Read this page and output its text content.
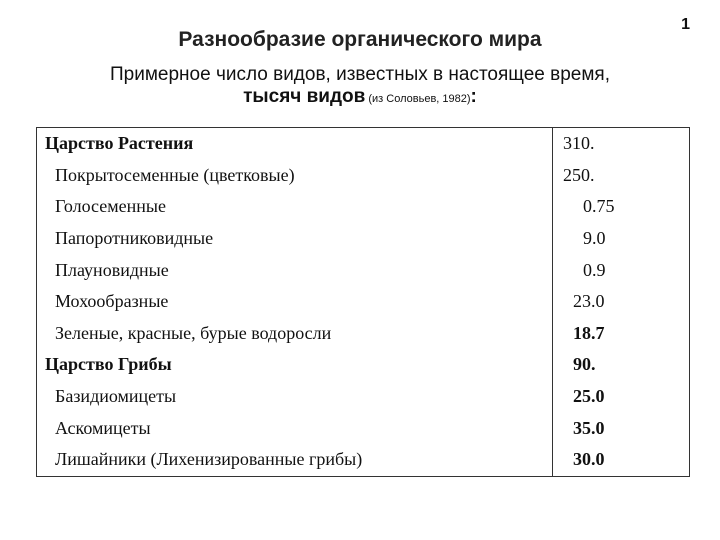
1
Разнообразие органического мира
Примерное число видов, известных в настоящее время,
тысяч видов (из Соловьев, 1982):
Царство Растения	310.
Покрытосеменные (цветковые)	250.
Голосеменные	0.75
Папоротниковидные	9.0
Плауновидные	0.9
Мохообразные	23.0
Зеленые, красные, бурые водоросли	18.7
Царство Грибы	90.
Базидиомицеты	25.0
Аскомицеты	35.0
Лишайники (Лихенизированные грибы)	30.0
